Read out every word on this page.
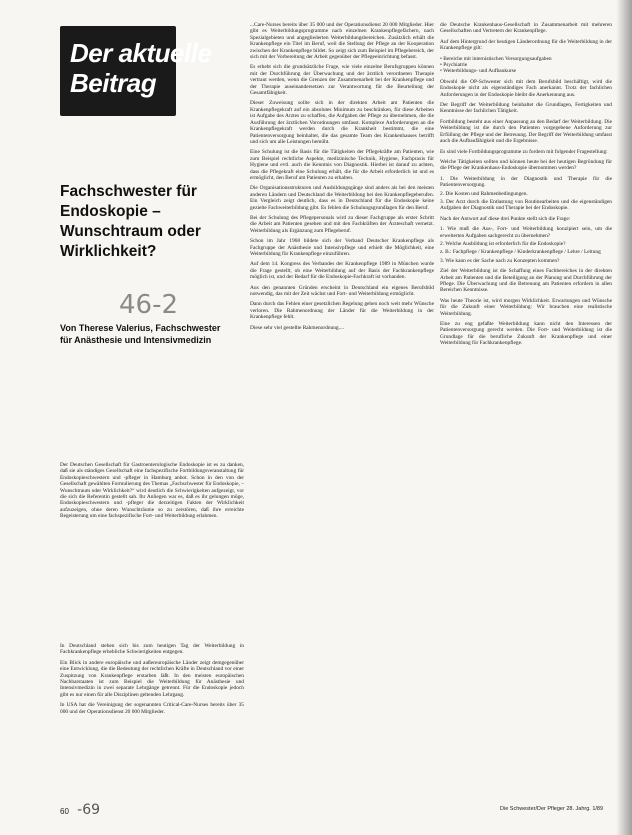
Der aktuelle
Beitrag
Fachschwester für Endoskopie – Wunschtraum oder Wirklichkeit?
46-2
Von Therese Valerius, Fachschwester für Anästhesie und Intensivmedizin

Der Deutschen Gesellschaft für Gastroenterologische Endoskopie ist es zu danken, daß sie als ständiges Gesellschaft eine fachspezifische Fortbildungsveranstaltung für Endoskopieschwestern und -pfleger in Hamburg anbot. Schon in den von der Gesellschaft gewählten Formulierung des Themas „Fachschwester für Endoskopie, – Wunschtraum oder Wirklichkeit?“ wird deutlich die Schwierigkeiten aufgezeigt, vor die sich die Referentin gestellt sah. Ihr Anliegen war es, daß es ihr gelungen möge, Endoskopieschwestern und -pfleger die derzeitigen Fakten der Wirklichkeit aufzuzeigen, ohne deren Wunschträume so zu zerstören, daß ihre erreichte Begeisterung um eine fachspezifische Fort- und Weiterbildung erlahmen.

In Deutschland stehen sich bis zum heutigen Tag der Weiterbildung in Fachkrankenpflege erhebliche Schwierigkeiten entgegen.

Ein Blick in andere europäische und außereuropäische Länder zeigt demgegenüber eine Entwicklung, die die Bedeutung der rechtlichen Kräfte in Deutschland vor einer Zuspitzung von Krankenpflege erstarben läßt. In den meisten europäischen Nachbarstaaten ist zum Beispiel die Weiterbildung für Anästhesie und Intensivmedizin in zwei separate Lehrgänge getrennt. Für die Endoskopie jedoch gibt es nur einen für alle Disziplinen geltenden Lehrgang.

In USA hat die Vereinigung der sogenannten Critical-Care-Nurses bereits über 35 000 und der Operationsdienst 20 000 Mitglieder.

...Care-Nurses bereits über 35 000 und der Operationsdienst 20 000 Mitglieder. Hier gibt es Weiterbildungsprogramme nach einzelnen Krankenpflegefächern, nach Spezialgebieten und angegliederten Weiterbildungsbereichen. Zusätzlich erhält die Krankenpflege ein Titel im Beruf, weil die Stellung der Pflege an der Kooperation zwischen der Krankenpflege bildet. So zeigt sich zum Beispiel im Pflegebereich, der sich mit der Vorbereitung der Arbeit gegenüber der Pflegeeinrichtung befasst.

Es erhebt sich die grundsätzliche Frage, wie viele einzelne Berufsgruppen können mit der Durchführung der Überwachung und der ärztlich verordneten Therapie vertraut werden, wenn die Grenzen der Zusammenarbeit bei der Krankenpflege und der Therapie auseinandersetzen zur Verantwortung für die Beurteilung der Gesamtfähigkeit.

Dieser Zuweisung sollte sich in der direkten Arbeit am Patienten die Krankenpflegekraft auf ein absolutes Minimum zu beschränken, für diese Arbeiten ist Aufgabe des Arztes zu schaffen, die Aufgaben der Pflege zu übernehmen, die die Ausführung der ärztlichen Vorordnungen umfasst. Komplexe Anforderungen an die Krankenpflegekraft werden durch die Krankheit bestimmt, die eine Patientenversorgung beinhaltet, die das gesamte Team des Krankenhauses betrifft und sich um alle Leistungen bemüht.

Eine Schulung ist die Basis für die Tätigkeiten der Pflegekräfte am Patienten, wie zum Beispiel rechtliche Aspekte, medizinische Technik, Hygiene, Fachpraxis für Hygiene und evtl. auch die Kenntnis von Diagnostik. Hierbei ist darauf zu achten, dass die Pflegekraft eine Schulung erhält, die für die Arbeit erforderlich ist und es ermöglicht, den Beruf am Patienten zu erhalten.

Die Organisationsstrukturen und Ausbildungsgänge sind anders als bei den meisten anderen Ländern und Deutschland die Weiterbildung bei den Krankenpflegeberufen. Ein Vergleich zeigt deutlich, dass es in Deutschland für die Endoskopie keine gezielte Fachweiterbildung gibt. Es fehlen die Schulungsgrundlagen für den Beruf.

Bei der Schulung des Pflegepersonals wird zu dieser Fachgruppe als erster Schritt die Arbeit am Patienten gesehen und mit den Fachkräften der Ärzteschaft vernetzt. Weiterbildung als Ergänzung zum Pflegeberuf.

Schon im Jahr 1968 bildete sich der Verband Deutscher Krankenpflege als Fachgruppe der Anästhesie und Intensivpflege und erhielt die Möglichkeit, eine Weiterbildung für Krankenpflege einzuführen.

Auf dem 14. Kongress des Verbandes der Krankenpflege 1989 in München wurde die Frage gestellt, ob eine Weiterbildung auf der Basis der Fachkrankenpflege möglich ist, und der Bedarf für die Endoskopie-Fachkraft ist vorhanden.

Aus den genannten Gründen erscheint in Deutschland ein eigenes Berufsbild notwendig, das mit der Zeit wächst und Fort- und Weiterbildung ermöglicht.

Dann durch das Fehlen einer gesetzlichen Regelung gehen noch weit mehr Wünsche verloren. Die Rahmenordnung der Länder für die Weiterbildung in der Krankenpflege fehlt.

Diese sehr viel gestellte Rahmenordnung....

die Deutsche Krankenhaus-Gesellschaft in Zusammenarbeit mit mehreren Gesellschaften und Vertretern der Krankenpflege.

Auf dem Hintergrund der heutigen Länderordnung für die Weiterbildung in der Krankenpflege gilt:

• Bereiche mit internistischen Versorgungsaufgaben

• Psychiatrie

• Weiterbildungs- und Aufbaukurse

Obwohl die OP-Schwester sich mit dem Berufsbild beschäftigt, wird die Endoskopie nicht als eigenständiges Fach anerkannt. Trotz der fachlichen Anforderungen in der Endoskopie bleibt die Anerkennung aus.

Der Begriff der Weiterbildung beinhaltet die Grundlagen, Fertigkeiten und Kenntnisse der fachlichen Tätigkeit.

Fortbildung besteht aus einer Anpassung an den Bedarf der Weiterbildung. Die Weiterbildung ist die durch den Patienten vorgegebene Anforderung zur Erfüllung der Pflege und der Betreuung. Der Begriff der Weiterbildung umfasst auch die Aufbaufähigkeit und die Ergebnisse.

Es sind viele Fortbildungsprogramme zu fordern mit folgender Fragestellung:

Welche Tätigkeiten sollten und können heute bei der heutigen Begründung für die Pflege der Krankenhaus-Endoskopie übernommen werden?

1. Die Weiterbildung in der Diagnostik und Therapie für die Patientenversorgung.

2. Die Kosten und Rahmenbedingungen.

3. Der Arzt durch die Entlastung von Routinearbeiten und die eigenständigen Aufgaben der Diagnostik und Therapie bei der Endoskopie.

Nach der Antwort auf diese drei Punkte stellt sich die Frage:

1. Wie muß die Aus-, Fort- und Weiterbildung konzipiert sein, um die erweiterten Aufgaben sachgerecht zu übernehmen?

2. Welche Ausbildung ist erforderlich für die Endoskopie?

z. B.: Fachpflege / Krankenpflege / Kinderkrankenpflege / Lehre / Leitung

3. Wie kann es der Sache nach zu Konzepten kommen?

Ziel der Weiterbildung ist die Schaffung eines Fachbereiches in der direkten Arbeit am Patienten und die Beteiligung an der Planung und Durchführung der Pflege. Die Überwachung und die Betreuung am Patienten erfordern in allen Bereichen Kenntnisse.

Was heute Theorie ist, wird morgen Wirklichkeit. Erwartungen und Wünsche für die Zukunft einer Weiterbildung: Wir brauchen eine realistische Weiterbildung.

Eine zu eng gefaßte Weiterbildung kann nicht den Interessen der Patientenversorgung gerecht werden. Die Fort- und Weiterbildung ist die Grundlage für die berufliche Zukunft der Krankenpflege und einer Weiterbildung für Fachkrankenpflege.

60 -69	Die Schwester/Der Pfleger 28. Jahrg. 1/89
